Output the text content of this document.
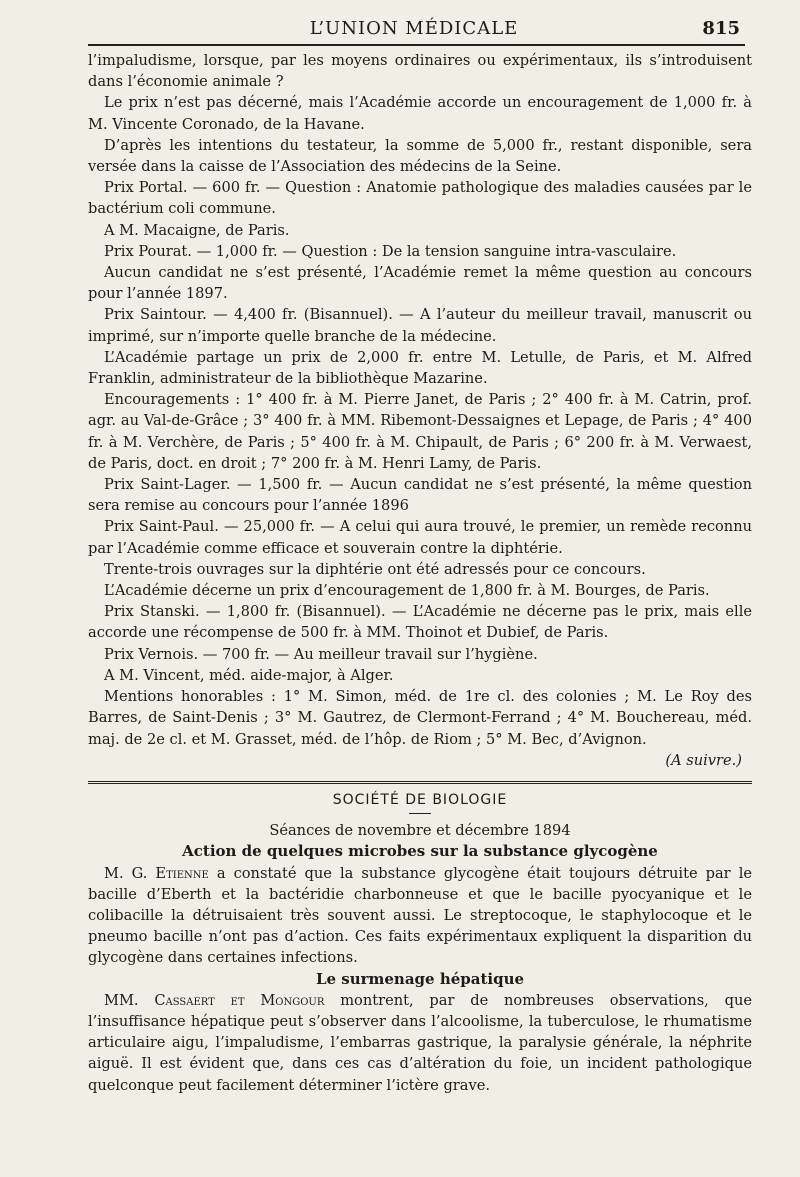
L’UNION MÉDICALE	815

l’impaludisme, lorsque, par les moyens ordinaires ou expérimentaux, ils s’introduisent dans l’économie animale ?

Le prix n’est pas décerné, mais l’Académie accorde un encouragement de 1,000 fr. à M. Vincente Coronado, de la Havane.

D’après les intentions du testateur, la somme de 5,000 fr., restant disponible, sera versée dans la caisse de l’Association des médecins de la Seine.

Prix Portal. — 600 fr. — Question : Anatomie pathologique des maladies causées par le bactérium coli commune.

A M. Macaigne, de Paris.

Prix Pourat. — 1,000 fr. — Question : De la tension sanguine intra-vasculaire.

Aucun candidat ne s’est présenté, l’Académie remet la même question au concours pour l’année 1897.

Prix Saintour. — 4,400 fr. (Bisannuel). — A l’auteur du meilleur travail, manuscrit ou imprimé, sur n’importe quelle branche de la médecine.

L’Académie partage un prix de 2,000 fr. entre M. Letulle, de Paris, et M. Alfred Franklin, administrateur de la bibliothèque Mazarine.

Encouragements : 1° 400 fr. à M. Pierre Janet, de Paris ; 2° 400 fr. à M. Catrin, prof. agr. au Val-de-Grâce ; 3° 400 fr. à MM. Ribemont-Dessaignes et Lepage, de Paris ; 4° 400 fr. à M. Verchère, de Paris ; 5° 400 fr. à M. Chipault, de Paris ; 6° 200 fr. à M. Verwaest, de Paris, doct. en droit ; 7° 200 fr. à M. Henri Lamy, de Paris.

Prix Saint-Lager. — 1,500 fr. — Aucun candidat ne s’est présenté, la même question sera remise au concours pour l’année 1896

Prix Saint-Paul. — 25,000 fr. — A celui qui aura trouvé, le premier, un remède reconnu par l’Académie comme efficace et souverain contre la diphtérie.

Trente-trois ouvrages sur la diphtérie ont été adressés pour ce concours.

L’Académie décerne un prix d’encouragement de 1,800 fr. à M. Bourges, de Paris.

Prix Stanski. — 1,800 fr. (Bisannuel). — L’Académie ne décerne pas le prix, mais elle accorde une récompense de 500 fr. à MM. Thoinot et Dubief, de Paris.

Prix Vernois. — 700 fr. — Au meilleur travail sur l’hygiène.

A M. Vincent, méd. aide-major, à Alger.

Mentions honorables : 1° M. Simon, méd. de 1re cl. des colonies ; M. Le Roy des Barres, de Saint-Denis ; 3° M. Gautrez, de Clermont-Ferrand ; 4° M. Bouchereau, méd. maj. de 2e cl. et M. Grasset, méd. de l’hôp. de Riom ; 5° M. Bec, d’Avignon.

(A suivre.)

SOCIÉTÉ DE BIOLOGIE

Séances de novembre et décembre 1894

Action de quelques microbes sur la substance glycogène

M. G. Etienne a constaté que la substance glycogène était toujours détruite par le bacille d’Eberth et la bactéridie charbonneuse et que le bacille pyocyanique et le colibacille la détruisaient très souvent aussi. Le streptocoque, le staphylocoque et le pneumo bacille n’ont pas d’action. Ces faits expérimentaux expliquent la disparition du glycogène dans certaines infections.

Le surmenage hépatique

MM. Cassaert et Mongour montrent, par de nombreuses observations, que l’insuffisance hépatique peut s’observer dans l’alcoolisme, la tuberculose, le rhumatisme articulaire aigu, l’impaludisme, l’embarras gastrique, la paralysie générale, la néphrite aiguë. Il est évident que, dans ces cas d’altération du foie, un incident pathologique quelconque peut facilement déterminer l’ictère grave.
